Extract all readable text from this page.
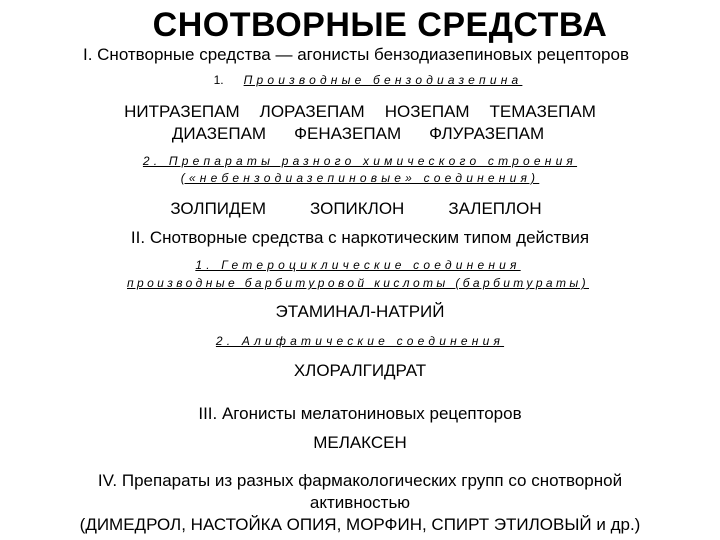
СНОТВОРНЫЕ СРЕДСТВА
I. Снотворные средства — агонисты бензодиазепиновых рецепторов
1. Производные бензодиазепина
НИТРАЗЕПАМ ЛОРАЗЕПАМ НОЗЕПАМ ТЕМАЗЕПАМ
ДИАЗЕПАМ ФЕНАЗЕПАМ ФЛУРАЗЕПАМ
2. Препараты разного химического строения
(«небензодиазепиновые» соединения)
ЗОЛПИДЕМ	ЗОПИКЛОН	ЗАЛЕПЛОН
II. Снотворные средства с наркотическим типом действия
1. Гетероциклические соединения
производные барбитуровой кислоты (барбитураты)
ЭТАМИНАЛ-НАТРИЙ
2. Алифатические соединения
ХЛОРАЛГИДРАТ
III. Агонисты мелатониновых рецепторов
МЕЛАКСЕН
IV. Препараты из разных фармакологических групп со снотворной
активностью
(ДИМЕДРОЛ, НАСТОЙКА ОПИЯ, МОРФИН, СПИРТ ЭТИЛОВЫЙ и др.)
